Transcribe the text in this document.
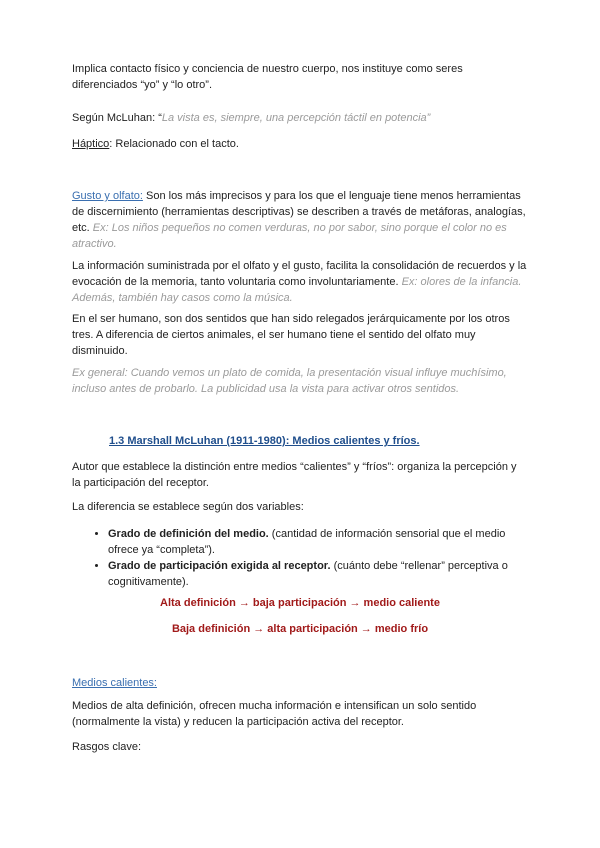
Implica contacto físico y conciencia de nuestro cuerpo, nos instituye como seres diferenciados “yo” y “lo otro”.

Según McLuhan: “La vista es, siempre, una percepción táctil en potencia”

Háptico: Relacionado con el tacto.

Gusto y olfato: Son los más imprecisos y para los que el lenguaje tiene menos herramientas de discernimiento (herramientas descriptivas) se describen a través de metáforas, analogías, etc. Ex: Los niños pequeños no comen verduras, no por sabor, sino porque el color no es atractivo.

La información suministrada por el olfato y el gusto, facilita la consolidación de recuerdos y la evocación de la memoria, tanto voluntaria como involuntariamente. Ex: olores de la infancia. Además, también hay casos como la música.

En el ser humano, son dos sentidos que han sido relegados jerárquicamente por los otros tres. A diferencia de ciertos animales, el ser humano tiene el sentido del olfato muy disminuido.

Ex general: Cuando vemos un plato de comida, la presentación visual influye muchísimo, incluso antes de probarlo. La publicidad usa la vista para activar otros sentidos.

1.3 Marshall McLuhan (1911-1980): Medios calientes y fríos.

Autor que establece la distinción entre medios “calientes” y “fríos”: organiza la percepción y la participación del receptor.

La diferencia se establece según dos variables:

• Grado de definición del medio. (cantidad de información sensorial que el medio ofrece ya “completa”).
• Grado de participación exigida al receptor. (cuánto debe “rellenar” perceptiva o cognitivamente).

Alta definición → baja participación → medio caliente

Baja definición → alta participación → medio frío

Medios calientes:

Medios de alta definición, ofrecen mucha información e intensifican un solo sentido (normalmente la vista) y reducen la participación activa del receptor.

Rasgos clave:
